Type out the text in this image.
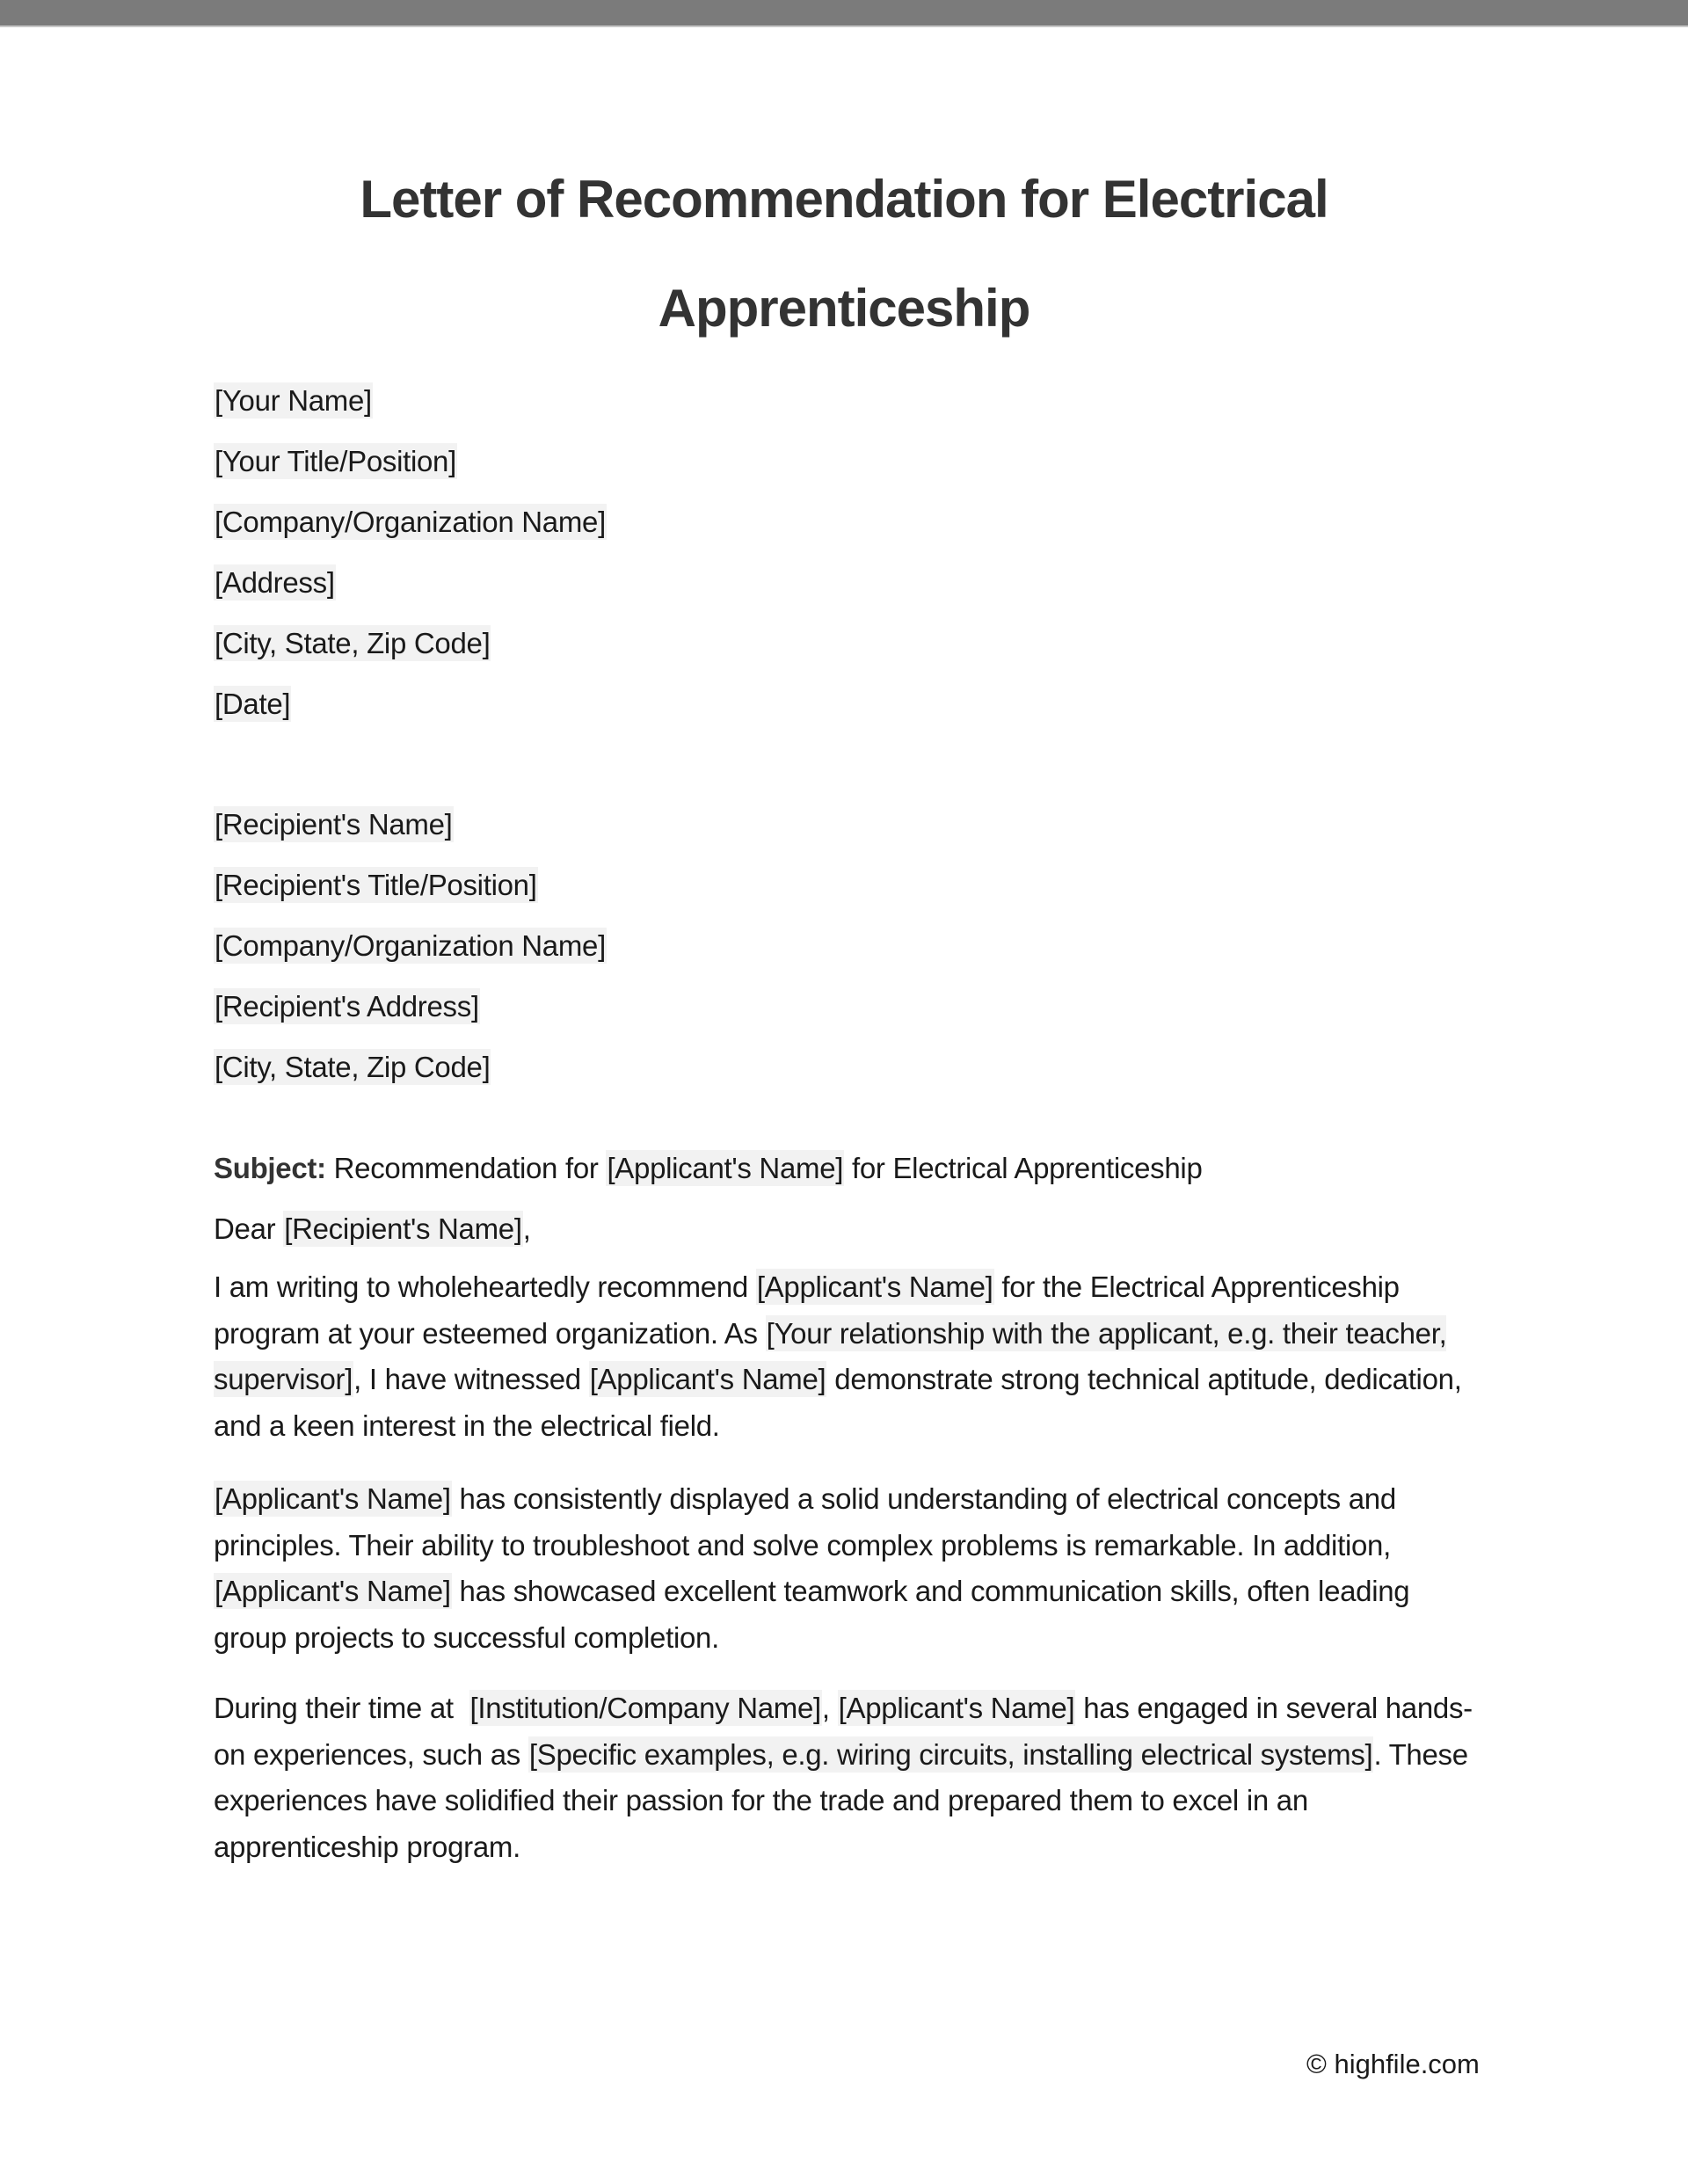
Letter of Recommendation for Electrical
Apprenticeship
[Your Name]
[Your Title/Position]
[Company/Organization Name]
[Address]
[City, State, Zip Code]
[Date]
[Recipient's Name]
[Recipient's Title/Position]
[Company/Organization Name]
[Recipient's Address]
[City, State, Zip Code]
Subject: Recommendation for [Applicant's Name] for Electrical Apprenticeship
Dear [Recipient's Name],
I am writing to wholeheartedly recommend [Applicant's Name] for the Electrical Apprenticeship program at your esteemed organization. As [Your relationship with the applicant, e.g. their teacher, supervisor], I have witnessed [Applicant's Name] demonstrate strong technical aptitude, dedication, and a keen interest in the electrical field.
[Applicant's Name] has consistently displayed a solid understanding of electrical concepts and principles. Their ability to troubleshoot and solve complex problems is remarkable. In addition, [Applicant's Name] has showcased excellent teamwork and communication skills, often leading group projects to successful completion.
During their time at  [Institution/Company Name], [Applicant's Name] has engaged in several hands-on experiences, such as [Specific examples, e.g. wiring circuits, installing electrical systems]. These experiences have solidified their passion for the trade and prepared them to excel in an apprenticeship program.
© highfile.com
